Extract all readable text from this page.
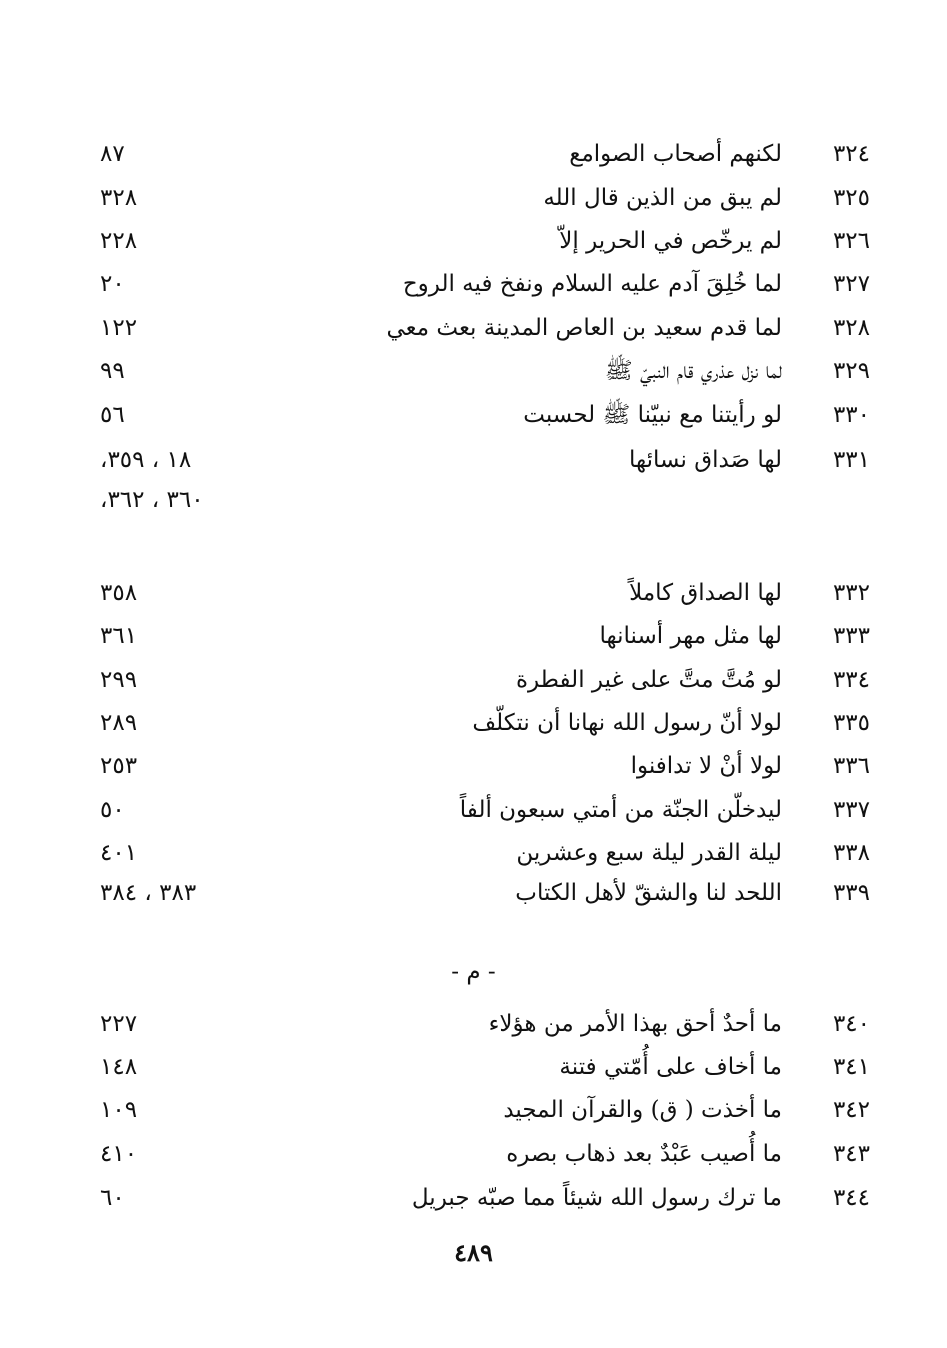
٣٢٤
لكنهم أصحاب الصوامع
٨٧
٣٢٥
لم يبق من الذين قال الله
٣٢٨
٣٢٦
لم يرخّص في الحرير إلاّ
٢٢٨
٣٢٧
لما خُلِقَ آدم عليه السلام ونفخ فيه الروح
٢٠
٣٢٨
لما قدم سعيد بن العاص المدينة بعث معي
١٢٢
٣٢٩
لما نزل عذري قام النبيّ ﷺ
٩٩
٣٣٠
لو رأيتنا مع نبيّنا ﷺ لحسبت
٥٦
٣٣١
لها صَداق نسائها
١٨ ، ٣٥٩،
٣٦٠ ، ٣٦٢،
٣٣٢
لها الصداق كاملاً
٣٥٨
٣٣٣
لها مثل مهر أسنانها
٣٦١
٣٣٤
لو مُتَّ متَّ على غير الفطرة
٢٩٩
٣٣٥
لولا أنّ رسول الله نهانا أن نتكلّف
٢٨٩
٣٣٦
لولا أنْ لا تدافنوا
٢٥٣
٣٣٧
ليدخلّن الجنّة من أمتي سبعون ألفاً
٥٠
٣٣٨
ليلة القدر ليلة سبع وعشرين
٤٠١
٣٣٩
اللحد لنا والشقّ لأهل الكتاب
٣٨٣ ، ٣٨٤
- م -
٣٤٠
ما أحدٌ أحق بهذا الأمر من هؤلاء
٢٢٧
٣٤١
ما أخاف على أُمّتي فتنة
١٤٨
٣٤٢
ما أخذت ( ق) والقرآن المجيد
١٠٩
٣٤٣
ما أُصيب عَبْدٌ بعد ذهاب بصره
٤١٠
٣٤٤
ما ترك رسول الله شيئاً مما صبّه جبريل
٦٠
٤٨٩
